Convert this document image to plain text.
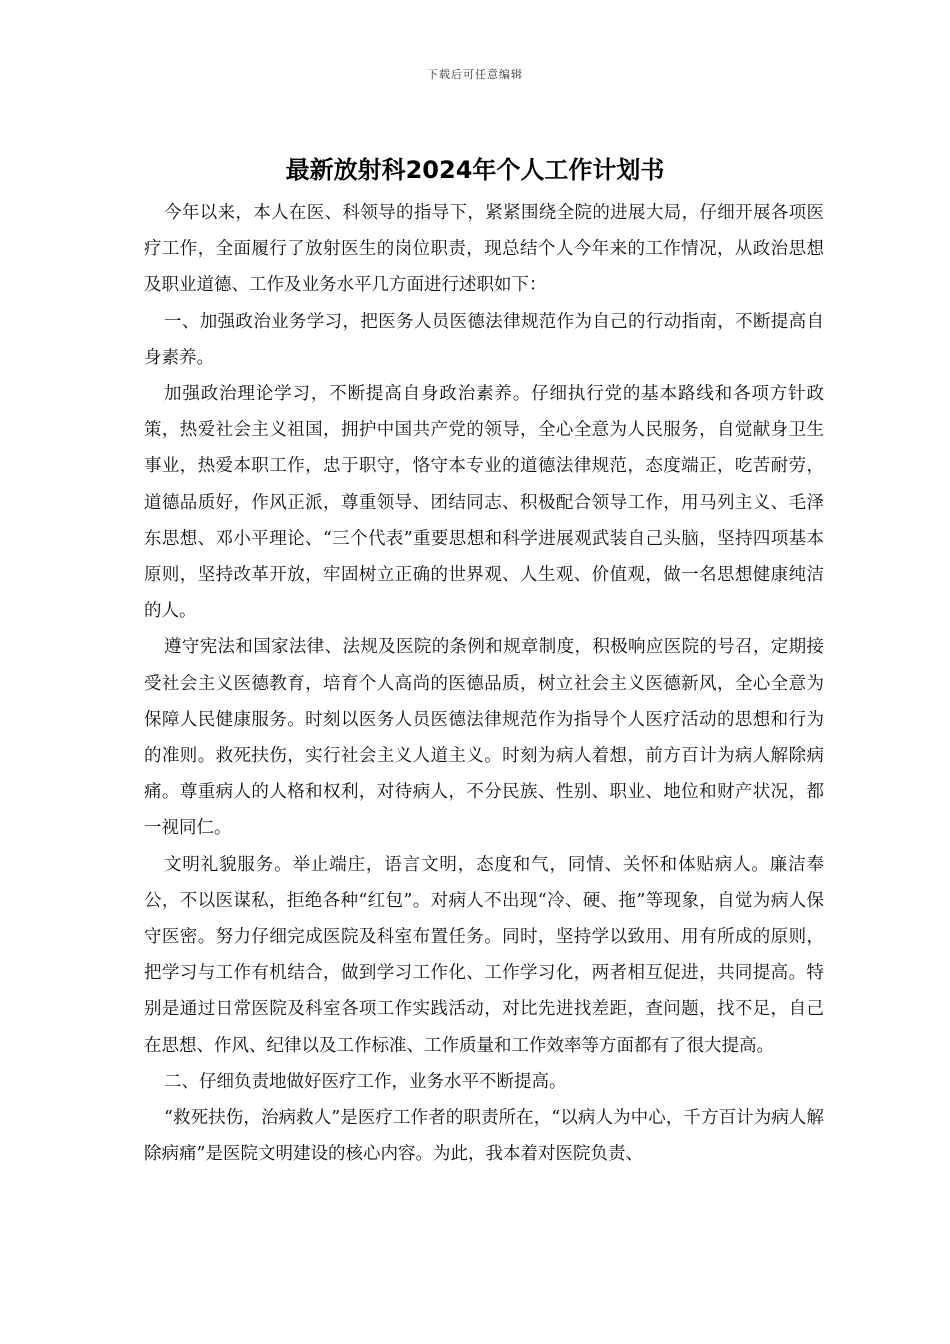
下载后可任意编辑
最新放射科2024年个人工作计划书

今年以来，本人在医、科领导的指导下，紧紧围绕全院的进展大局，仔细开展各项医疗工作，全面履行了放射医生的岗位职责，现总结个人今年来的工作情况，从政治思想及职业道德、工作及业务水平几方面进行述职如下：

一、加强政治业务学习，把医务人员医德法律规范作为自己的行动指南，不断提高自身素养。

加强政治理论学习，不断提高自身政治素养。仔细执行党的基本路线和各项方针政策，热爱社会主义祖国，拥护中国共产党的领导，全心全意为人民服务，自觉献身卫生事业，热爱本职工作，忠于职守，恪守本专业的道德法律规范，态度端正，吃苦耐劳，道德品质好，作风正派，尊重领导、团结同志、积极配合领导工作，用马列主义、毛泽东思想、邓小平理论、“三个代表”重要思想和科学进展观武装自己头脑，坚持四项基本原则，坚持改革开放，牢固树立正确的世界观、人生观、价值观，做一名思想健康纯洁的人。

遵守宪法和国家法律、法规及医院的条例和规章制度，积极响应医院的号召，定期接受社会主义医德教育，培育个人高尚的医德品质，树立社会主义医德新风，全心全意为保障人民健康服务。时刻以医务人员医德法律规范作为指导个人医疗活动的思想和行为的准则。救死扶伤，实行社会主义人道主义。时刻为病人着想，前方百计为病人解除病痛。尊重病人的人格和权利，对待病人，不分民族、性别、职业、地位和财产状况，都一视同仁。

文明礼貌服务。举止端庄，语言文明，态度和气，同情、关怀和体贴病人。廉洁奉公，不以医谋私，拒绝各种“红包”。对病人不出现“冷、硬、拖”等现象，自觉为病人保守医密。努力仔细完成医院及科室布置任务。同时，坚持学以致用、用有所成的原则，把学习与工作有机结合，做到学习工作化、工作学习化，两者相互促进，共同提高。特别是通过日常医院及科室各项工作实践活动，对比先进找差距，查问题，找不足，自己在思想、作风、纪律以及工作标准、工作质量和工作效率等方面都有了很大提高。

二、仔细负责地做好医疗工作，业务水平不断提高。

“救死扶伤，治病救人”是医疗工作者的职责所在，“以病人为中心，千方百计为病人解除病痛”是医院文明建设的核心内容。为此，我本着对医院负责、
